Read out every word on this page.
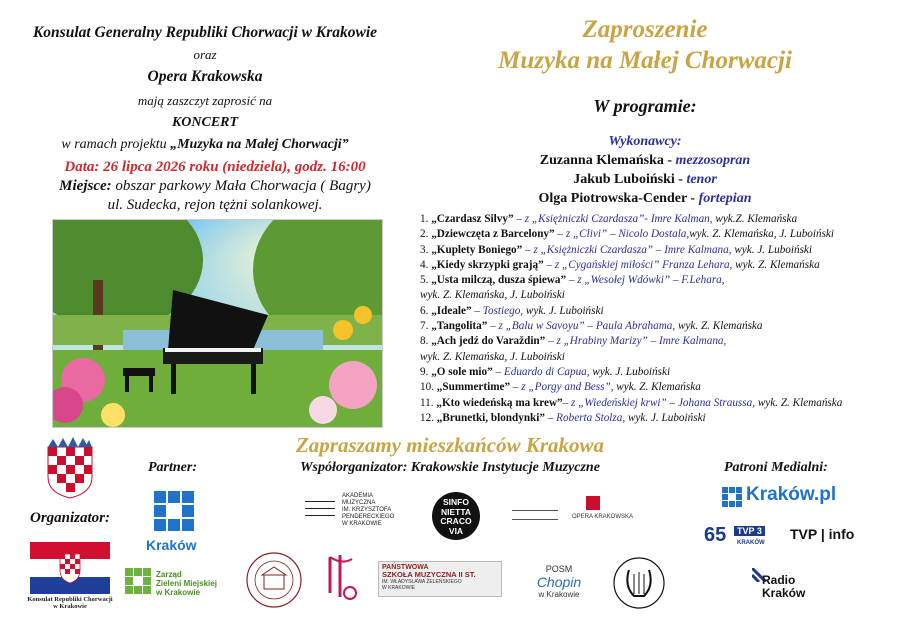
Konsulat Generalny Republiki Chorwacji w Krakowie
oraz
Opera Krakowska
mają zaszczyt zaprosić na
KONCERT
w ramach projektu „Muzyka na Małej Chorwacji”
Data: 26 lipca 2026 roku (niedziela), godz. 16:00
Miejsce: obszar parkowy Mała Chorwacja ( Bagry)
ul. Sudecka, rejon tężni solankowej.
Zaproszenie
Muzyka na Małej Chorwacji
W programie:
Wykonawcy:
Zuzanna Klemańska - mezzosopran
Jakub Luboiński - tenor
Olga Piotrowska-Cender - fortepian
1. „Czardasz Silvy” – z „Księżniczki Czardasza”- Imre Kalman, wyk.Z. Klemańska
2. „Dziewczęta z Barcelony” – z „Clivi” – Nicolo Dostala,wyk. Z. Klemańska, J. Luboiński
3. „Kuplety Boniego” – z „Księżniczki Czardasza” – Imre Kalmana, wyk. J. Luboiński
4. „Kiedy skrzypki grają” – z „Cygańskiej miłości” Franza Lehara, wyk. Z. Klemańska
5. „Usta milczą, dusza śpiewa” – z „Wesołej Wdówki” – F.Lehara,
wyk. Z. Klemańska, J. Luboiński
6. „Ideale” – Tostiego, wyk. J. Luboiński
7. „Tangolita” – z „Balu w Savoyu” – Paula Abrahama, wyk. Z. Klemańska
8. „Ach jedź do Varaždin” – z „Hrabiny Marizy” – Imre Kalmana,
wyk. Z. Klemańska, J. Luboiński
9. „O sole mio” – Eduardo di Capua, wyk. J. Luboiński
10. „Summertime” – z „Porgy and Bess”, wyk. Z. Klemańska
11. „Kto wiedeńską ma krew”– z „Wiedeńskiej krwi” – Johana Straussa, wyk. Z. Klemańska
12. „Brunetki, blondynki” – Roberta Stolza, wyk. J. Luboiński
Zapraszamy mieszkańców Krakowa
Współorganizator: Krakowskie Instytucje Muzyczne
Partner:
Organizator:
Patroni Medialni:
Konsulat Republiki Chorwacji
w Krakowie
Kraków
Zarząd
Zieleni Miejskiej
w Krakowie
AKADEMIA
MUZYCZNA
IM. KRZYSZTOFA
PENDERECKIEGO
W KRAKOWIE
SINFO
NIETTA
CRACO
VIA
OPERA KRAKOWSKA
PAŃSTWOWA
SZKOŁA MUZYCZNA II ST.
IM. WŁADYSŁAWA ŻELEŃSKIEGO
W KRAKOWIE
POSM
Chopin
w Krakowie
Kraków.pl
65	TVP 3
KRAKÓW
TVP | info
Radio
Kraków
